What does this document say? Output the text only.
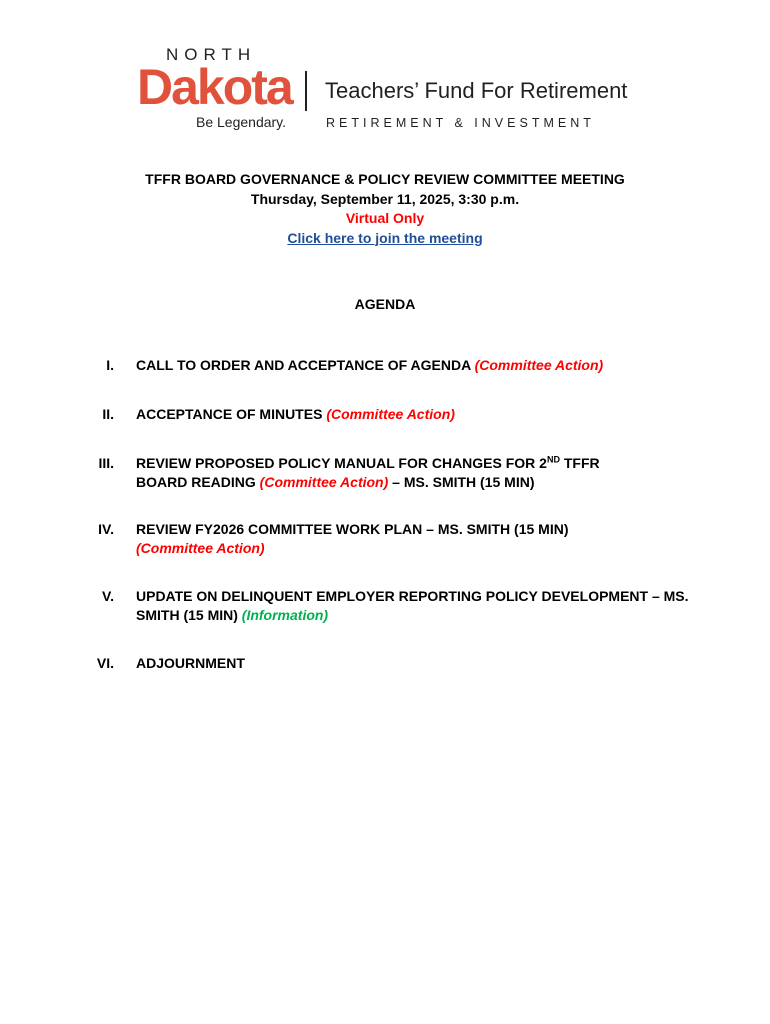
NORTH
Dakota
Be Legendary.
Teachers’ Fund For Retirement
RETIREMENT & INVESTMENT
TFFR BOARD GOVERNANCE & POLICY REVIEW COMMITTEE MEETING
Thursday, September 11, 2025, 3:30 p.m.
Virtual Only
Click here to join the meeting
AGENDA
I. CALL TO ORDER AND ACCEPTANCE OF AGENDA (Committee Action)
II. ACCEPTANCE OF MINUTES (Committee Action)
III. REVIEW PROPOSED POLICY MANUAL FOR CHANGES FOR 2ND TFFR BOARD READING (Committee Action) – MS. SMITH (15 MIN)
IV. REVIEW FY2026 COMMITTEE WORK PLAN – MS. SMITH (15 MIN)
(Committee Action)
V. UPDATE ON DELINQUENT EMPLOYER REPORTING POLICY DEVELOPMENT – MS. SMITH (15 MIN) (Information)
VI. ADJOURNMENT
